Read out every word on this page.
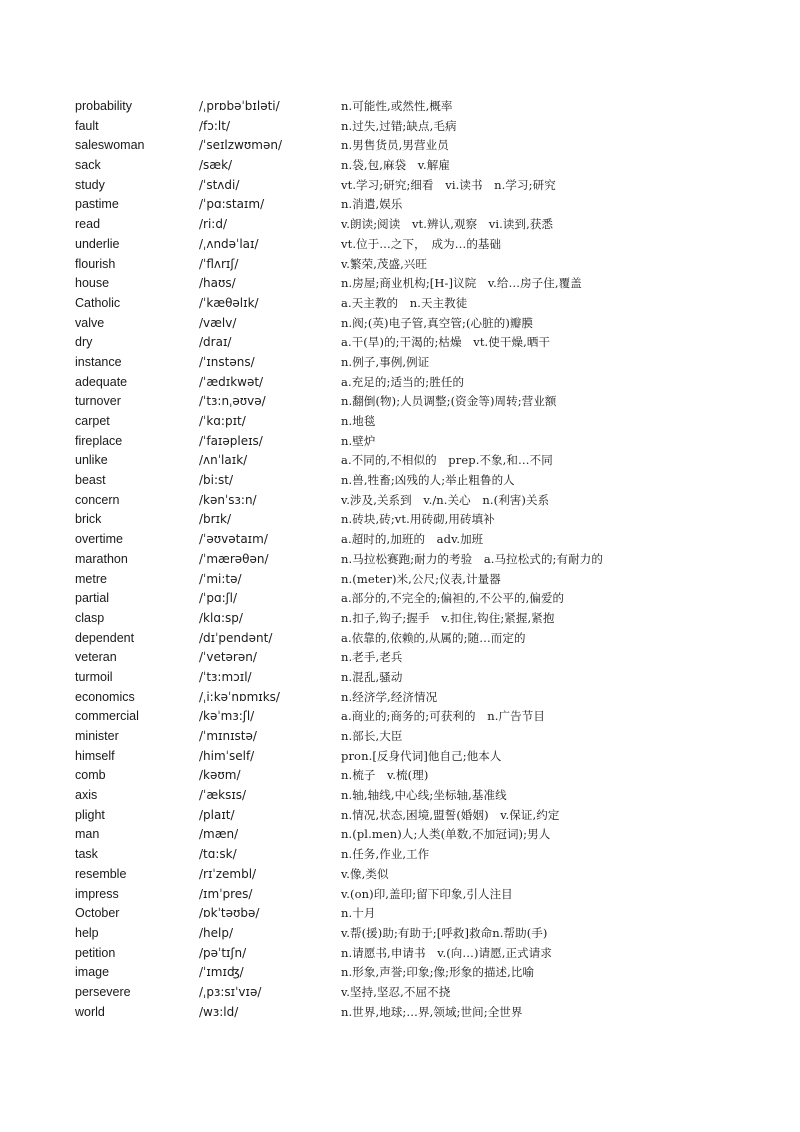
probability	/ˌprɒbəˈbɪləti/	n.可能性,或然性,概率
fault	/fɔ:lt/	n.过失,过错;缺点,毛病
saleswoman	/ˈseɪlzwʊmən/	n.男售货员,男营业员
sack	/sæk/	n.袋,包,麻袋　v.解雇
study	/ˈstʌdi/	vt.学习;研究;细看　vi.读书　n.学习;研究
pastime	/ˈpɑ:staɪm/	n.消遣,娱乐
read	/ri:d/	v.朗读;阅读　vt.辨认,观察　vi.读到,获悉
underlie	/ˌʌndəˈlaɪ/	vt.位于…之下，　成为…的基础
flourish	/ˈflʌrɪʃ/	v.繁荣,茂盛,兴旺
house	/haʊs/	n.房屋;商业机构;[H-]议院　v.给…房子住,覆盖
Catholic	/ˈkæθəlɪk/	a.天主教的　n.天主教徒
valve	/vælv/	n.阀;(英)电子管,真空管;(心脏的)瓣膜
dry	/draɪ/	a.干(旱)的;干渴的;枯燥　vt.使干燥,晒干
instance	/ˈɪnstəns/	n.例子,事例,例证
adequate	/ˈædɪkwət/	a.充足的;适当的;胜任的
turnover	/ˈtɜ:nˌəʊvə/	n.翻倒(物);人员调整;(资金等)周转;营业额
carpet	/ˈkɑ:pɪt/	n.地毯
fireplace	/ˈfaɪəpleɪs/	n.壁炉
unlike	/ʌnˈlaɪk/	a.不同的,不相似的　prep.不象,和…不同
beast	/bi:st/	n.兽,牲畜;凶残的人;举止粗鲁的人
concern	/kənˈsɜ:n/	v.涉及,关系到　v./n.关心　n.(利害)关系
brick	/brɪk/	n.砖块,砖;vt.用砖砌,用砖填补
overtime	/ˈəʊvətaɪm/	a.超时的,加班的　adv.加班
marathon	/ˈmærəθən/	n.马拉松赛跑;耐力的考验　a.马拉松式的;有耐力的
metre	/ˈmi:tə/	n.(meter)米,公尺;仪表,计量器
partial	/ˈpɑ:ʃl/	a.部分的,不完全的;偏袒的,不公平的,偏爱的
clasp	/klɑ:sp/	n.扣子,钩子;握手　v.扣住,钩住;紧握,紧抱
dependent	/dɪˈpendənt/	a.依靠的,依赖的,从属的;随…而定的
veteran	/ˈvetərən/	n.老手,老兵
turmoil	/ˈtɜ:mɔɪl/	n.混乱,骚动
economics	/ˌi:kəˈnɒmɪks/	n.经济学,经济情况
commercial	/kəˈmɜ:ʃl/	a.商业的;商务的;可获利的　n.广告节目
minister	/ˈmɪnɪstə/	n.部长,大臣
himself	/himˈself/	pron.[反身代词]他自己;他本人
comb	/kəʊm/	n.梳子　v.梳(理)
axis	/ˈæksɪs/	n.轴,轴线,中心线;坐标轴,基准线
plight	/plaɪt/	n.情况,状态,困境,盟誓(婚姻)　v.保证,约定
man	/mæn/	n.(pl.men)人;人类(单数,不加冠词);男人
task	/tɑ:sk/	n.任务,作业,工作
resemble	/rɪˈzembl/	v.像,类似
impress	/ɪmˈpres/	v.(on)印,盖印;留下印象,引人注目
October	/ɒkˈtəʊbə/	n.十月
help	/help/	v.帮(援)助;有助于;[呼救]救命n.帮助(手)
petition	/pəˈtɪʃn/	n.请愿书,申请书　v.(向…)请愿,正式请求
image	/ˈɪmɪʤ/	n.形象,声誉;印象;像;形象的描述,比喻
persevere	/ˌpɜ:sɪˈvɪə/	v.坚持,坚忍,不屈不挠
world	/wɜ:ld/	n.世界,地球;…界,领域;世间;全世界
